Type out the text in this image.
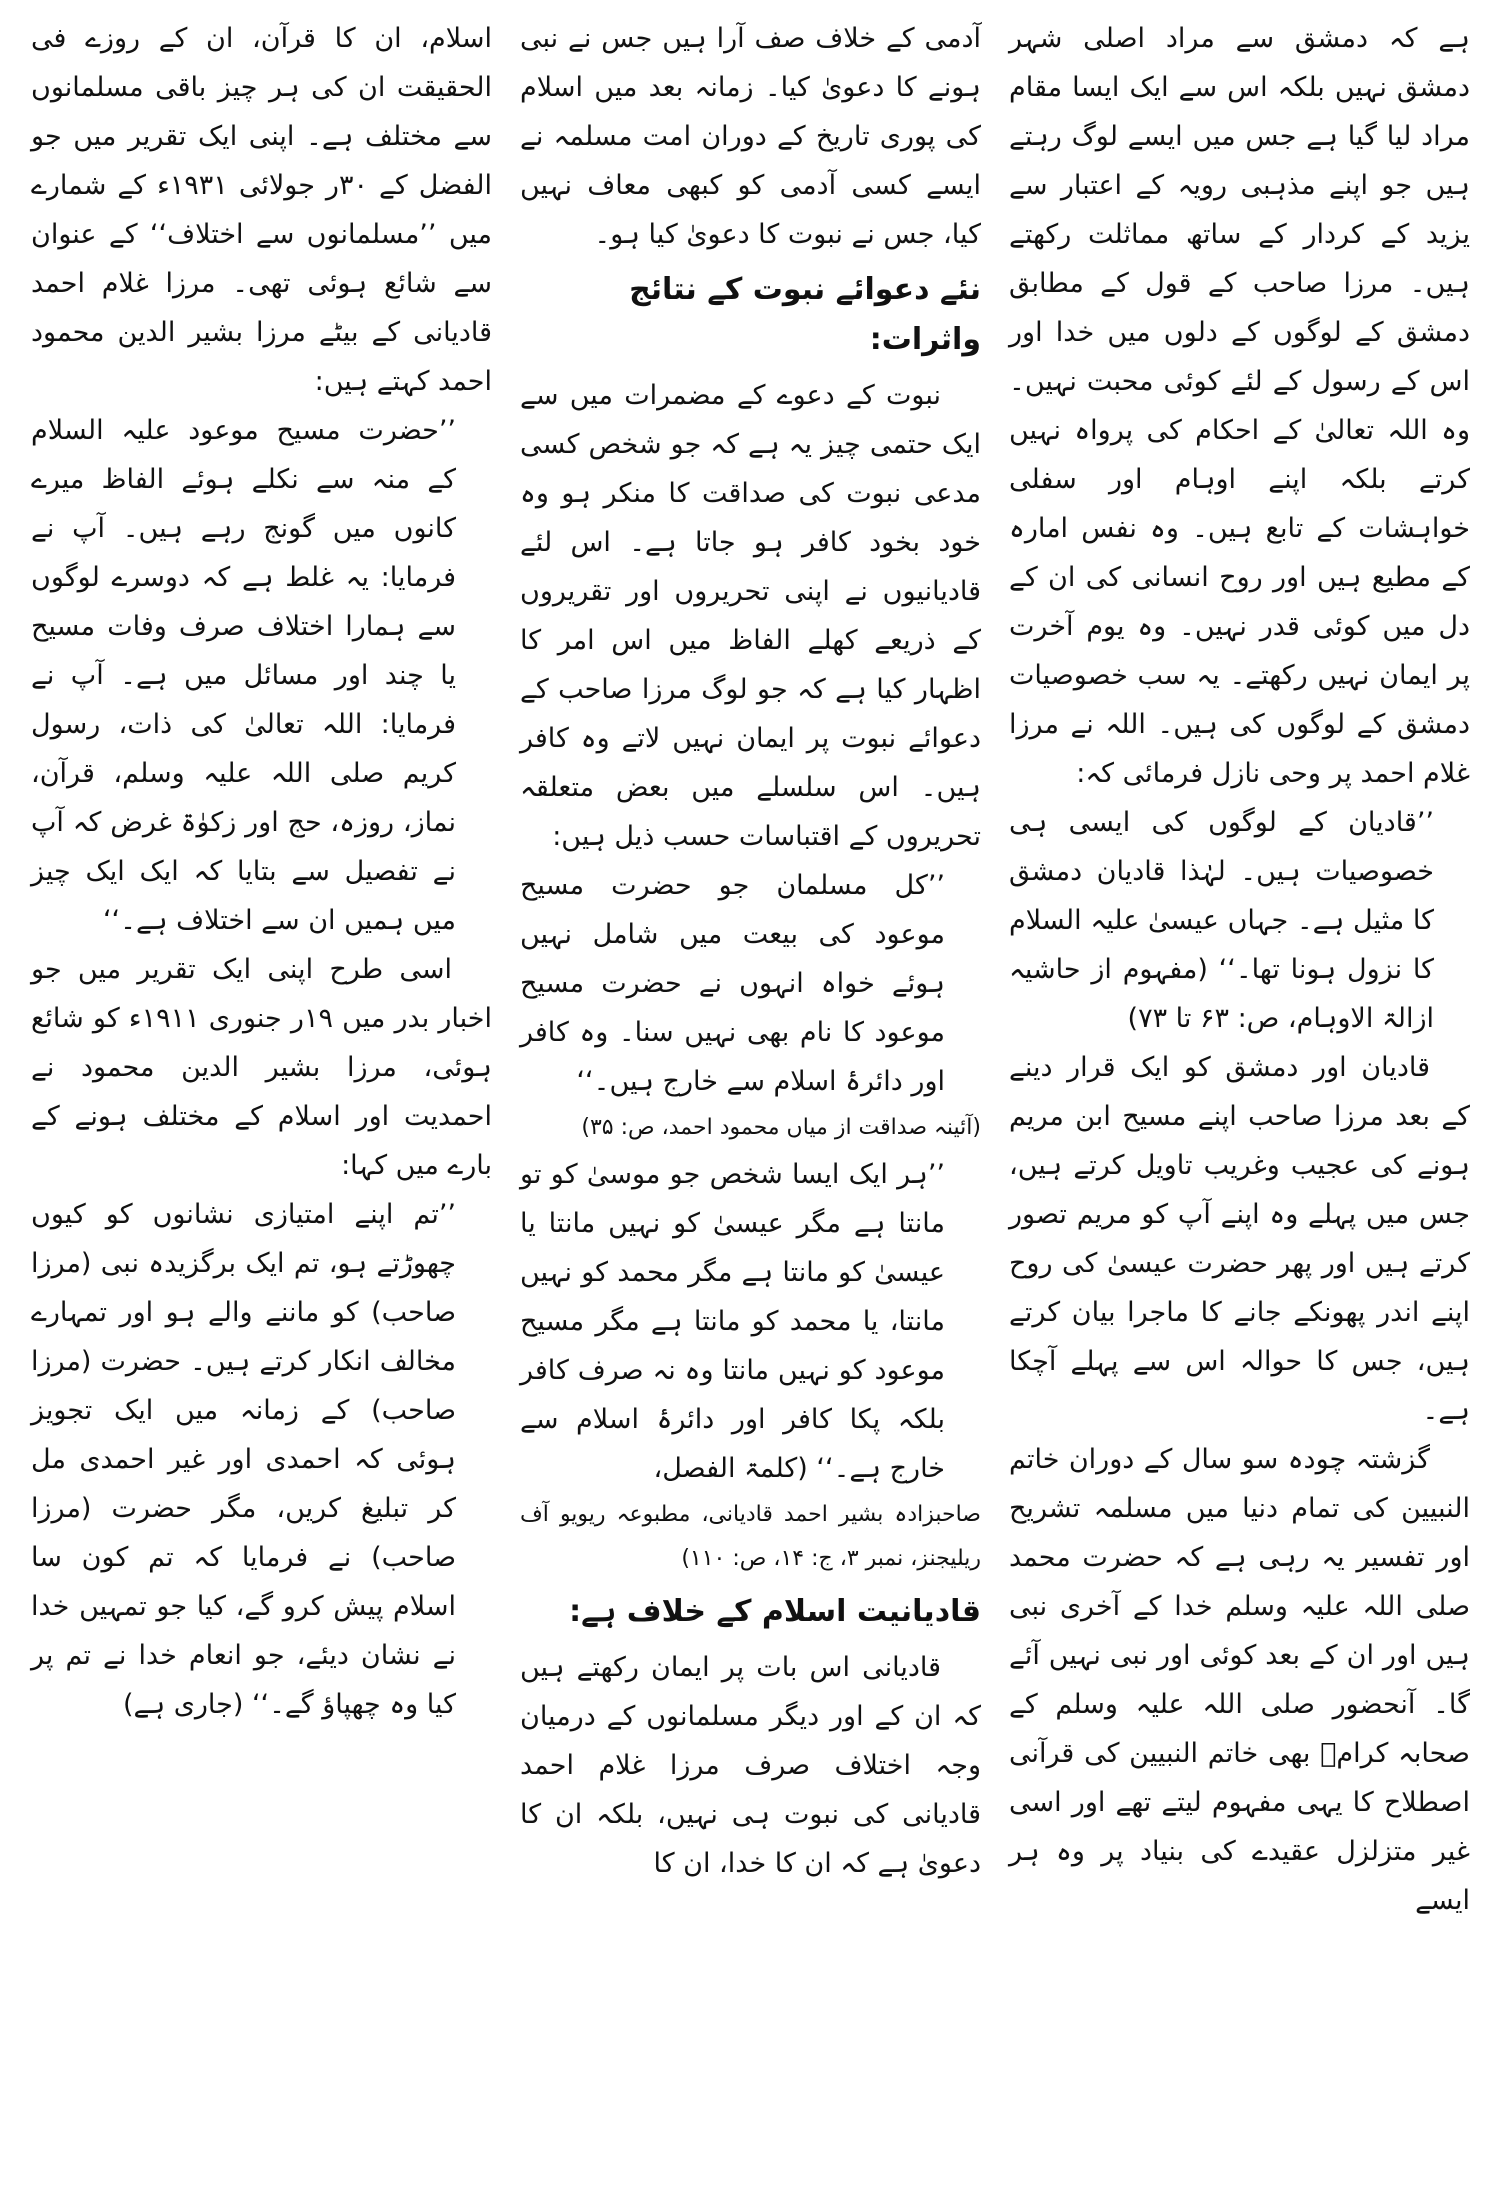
ہے کہ دمشق سے مراد اصلی شہر دمشق نہیں بلکہ اس سے ایک ایسا مقام مراد لیا گیا ہے جس میں ایسے لوگ رہتے ہیں جو اپنے مذہبی رویہ کے اعتبار سے یزید کے کردار کے ساتھ مماثلت رکھتے ہیں۔ مرزا صاحب کے قول کے مطابق دمشق کے لوگوں کے دلوں میں خدا اور اس کے رسول کے لئے کوئی محبت نہیں۔ وہ اللہ تعالیٰ کے احکام کی پرواہ نہیں کرتے بلکہ اپنے اوہام اور سفلی خواہشات کے تابع ہیں۔ وہ نفس امارہ کے مطیع ہیں اور روح انسانی کی ان کے دل میں کوئی قدر نہیں۔ وہ یوم آخرت پر ایمان نہیں رکھتے۔ یہ سب خصوصیات دمشق کے لوگوں کی ہیں۔ اللہ نے مرزا غلام احمد پر وحی نازل فرمائی کہ:

’’قادیان کے لوگوں کی ایسی ہی خصوصیات ہیں۔ لہٰذا قادیان دمشق کا مثیل ہے۔ جہاں عیسیٰ علیہ السلام کا نزول ہونا تھا۔‘‘ (مفہوم از حاشیہ ازالۃ الاوہام، ص: ۶۳ تا ۷۳)

قادیان اور دمشق کو ایک قرار دینے کے بعد مرزا صاحب اپنے مسیح ابن مریم ہونے کی عجیب وغریب تاویل کرتے ہیں، جس میں پہلے وہ اپنے آپ کو مریم تصور کرتے ہیں اور پھر حضرت عیسیٰ کی روح اپنے اندر پھونکے جانے کا ماجرا بیان کرتے ہیں، جس کا حوالہ اس سے پہلے آچکا ہے۔

گزشتہ چودہ سو سال کے دوران خاتم النبیین کی تمام دنیا میں مسلمہ تشریح اور تفسیر یہ رہی ہے کہ حضرت محمد صلی اللہ علیہ وسلم خدا کے آخری نبی ہیں اور ان کے بعد کوئی اور نبی نہیں آئے گا۔ آنحضور صلی اللہ علیہ وسلم کے صحابہ کرامؓ بھی خاتم النبیین کی قرآنی اصطلاح کا یہی مفہوم لیتے تھے اور اسی غیر متزلزل عقیدے کی بنیاد پر وہ ہر ایسے

آدمی کے خلاف صف آرا ہیں جس نے نبی ہونے کا دعویٰ کیا۔ زمانہ بعد میں اسلام کی پوری تاریخ کے دوران امت مسلمہ نے ایسے کسی آدمی کو کبھی معاف نہیں کیا، جس نے نبوت کا دعویٰ کیا ہو۔

نئے دعوائے نبوت کے نتائج واثرات:

نبوت کے دعوے کے مضمرات میں سے ایک حتمی چیز یہ ہے کہ جو شخص کسی مدعی نبوت کی صداقت کا منکر ہو وہ خود بخود کافر ہو جاتا ہے۔ اس لئے قادیانیوں نے اپنی تحریروں اور تقریروں کے ذریعے کھلے الفاظ میں اس امر کا اظہار کیا ہے کہ جو لوگ مرزا صاحب کے دعوائے نبوت پر ایمان نہیں لاتے وہ کافر ہیں۔ اس سلسلے میں بعض متعلقہ تحریروں کے اقتباسات حسب ذیل ہیں:

’’کل مسلمان جو حضرت مسیح موعود کی بیعت میں شامل نہیں ہوئے خواہ انہوں نے حضرت مسیح موعود کا نام بھی نہیں سنا۔ وہ کافر اور دائرۂ اسلام سے خارج ہیں۔‘‘

(آئینہ صداقت از میاں محمود احمد، ص: ۳۵)

’’ہر ایک ایسا شخص جو موسیٰ کو تو مانتا ہے مگر عیسیٰ کو نہیں مانتا یا عیسیٰ کو مانتا ہے مگر محمد کو نہیں مانتا، یا محمد کو مانتا ہے مگر مسیح موعود کو نہیں مانتا وہ نہ صرف کافر بلکہ پکا کافر اور دائرۂ اسلام سے خارج ہے۔‘‘ (کلمۃ الفصل،

صاحبزادہ بشیر احمد قادیانی، مطبوعہ ریویو آف ریلیجنز، نمبر ۳، ج: ۱۴، ص: ۱۱۰)

قادیانیت اسلام کے خلاف ہے:

قادیانی اس بات پر ایمان رکھتے ہیں کہ ان کے اور دیگر مسلمانوں کے درمیان وجہ اختلاف صرف مرزا غلام احمد قادیانی کی نبوت ہی نہیں، بلکہ ان کا دعویٰ ہے کہ ان کا خدا، ان کا

اسلام، ان کا قرآن، ان کے روزے فی الحقیقت ان کی ہر چیز باقی مسلمانوں سے مختلف ہے۔ اپنی ایک تقریر میں جو الفضل کے ۳۰ر جولائی ۱۹۳۱ء کے شمارے میں ’’مسلمانوں سے اختلاف‘‘ کے عنوان سے شائع ہوئی تھی۔ مرزا غلام احمد قادیانی کے بیٹے مرزا بشیر الدین محمود احمد کہتے ہیں:

’’حضرت مسیح موعود علیہ السلام کے منہ سے نکلے ہوئے الفاظ میرے کانوں میں گونج رہے ہیں۔ آپ نے فرمایا: یہ غلط ہے کہ دوسرے لوگوں سے ہمارا اختلاف صرف وفات مسیح یا چند اور مسائل میں ہے۔ آپ نے فرمایا: اللہ تعالیٰ کی ذات، رسول کریم صلی اللہ علیہ وسلم، قرآن، نماز، روزہ، حج اور زکوٰۃ غرض کہ آپ نے تفصیل سے بتایا کہ ایک ایک چیز میں ہمیں ان سے اختلاف ہے۔‘‘

اسی طرح اپنی ایک تقریر میں جو اخبار بدر میں ۱۹ر جنوری ۱۹۱۱ء کو شائع ہوئی، مرزا بشیر الدین محمود نے احمدیت اور اسلام کے مختلف ہونے کے بارے میں کہا:

’’تم اپنے امتیازی نشانوں کو کیوں چھوڑتے ہو، تم ایک برگزیدہ نبی (مرزا صاحب) کو ماننے والے ہو اور تمہارے مخالف انکار کرتے ہیں۔ حضرت (مرزا صاحب) کے زمانہ میں ایک تجویز ہوئی کہ احمدی اور غیر احمدی مل کر تبلیغ کریں، مگر حضرت (مرزا صاحب) نے فرمایا کہ تم کون سا اسلام پیش کرو گے، کیا جو تمہیں خدا نے نشان دیئے، جو انعام خدا نے تم پر کیا وہ چھپاؤ گے۔‘‘ (جاری ہے)
